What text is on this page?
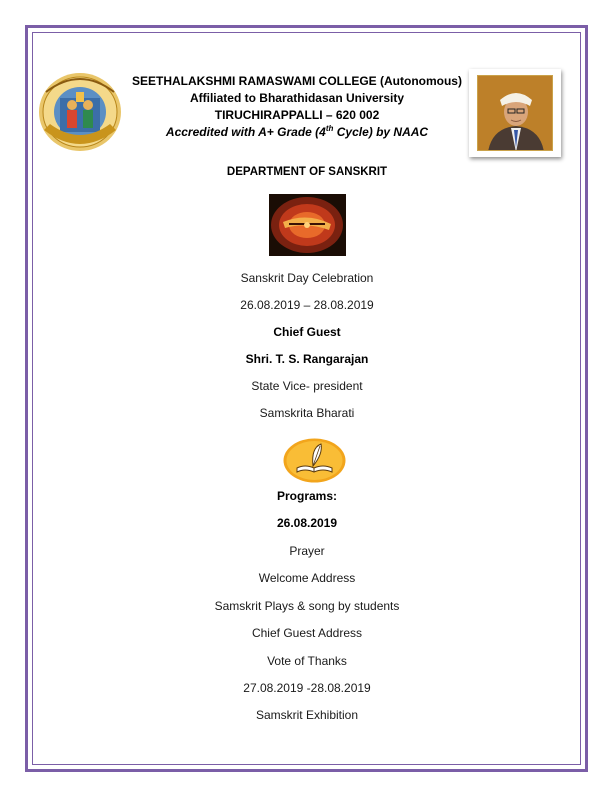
SEETHALAKSHMI RAMASWAMI COLLEGE (Autonomous)
Affiliated to Bharathidasan University
TIRUCHIRAPPALLI – 620 002
Accredited with A+ Grade (4th Cycle) by NAAC
DEPARTMENT OF SANSKRIT
Sanskrit Day Celebration
26.08.2019 – 28.08.2019
Chief Guest
Shri. T. S. Rangarajan
State Vice- president
Samskrita Bharati
Programs:
26.08.2019
Prayer
Welcome Address
Samskrit Plays & song by students
Chief Guest Address
Vote of Thanks
27.08.2019 -28.08.2019
Samskrit Exhibition
